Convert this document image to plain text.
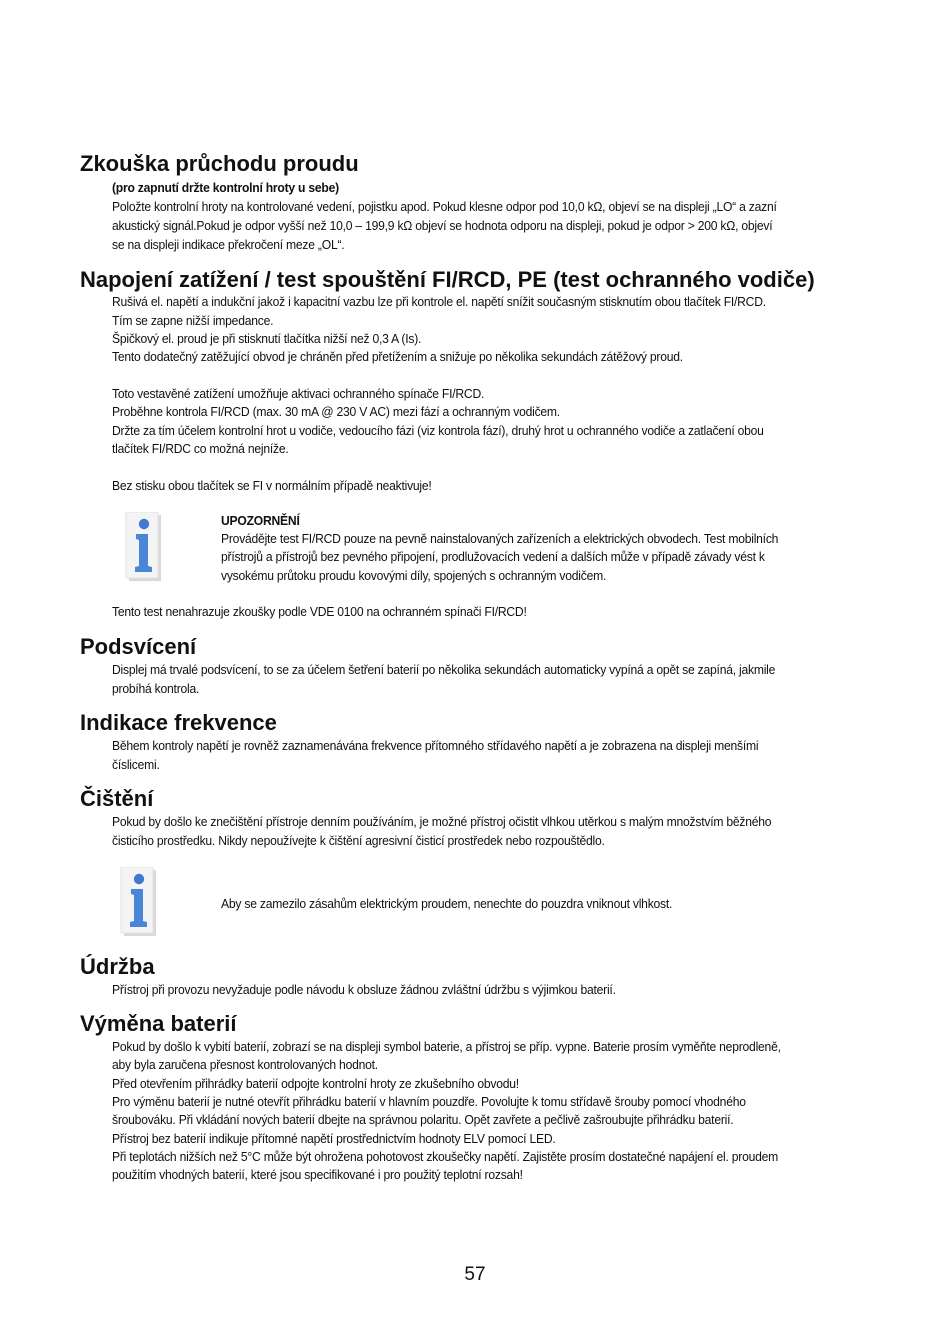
Zkouška průchodu proudu
(pro zapnutí držte kontrolní hroty u sebe)
Položte kontrolní hroty na kontrolované vedení, pojistku apod. Pokud klesne odpor pod 10,0 kΩ, objeví se na displeji „LO“ a zazní
akustický signál.Pokud je odpor vyšší než 10,0 – 199,9 kΩ objeví se hodnota odporu na displeji, pokud je odpor > 200 kΩ, objeví
se na displeji indikace překročení meze „OL“.
Napojení zatížení / test spouštění FI/RCD, PE (test ochranného vodiče)
Rušivá el. napětí a indukční jakož i kapacitní vazbu lze při kontrole el. napětí snížit současným stisknutím obou tlačítek FI/RCD.
Tím se zapne nižší impedance.
Špičkový el. proud je při stisknutí tlačítka nižší než 0,3 A (Is).
Tento dodatečný zatěžující obvod je chráněn před přetížením a snižuje po několika sekundách zátěžový proud.
Toto vestavěné zatížení umožňuje aktivaci ochranného spínače FI/RCD.
Proběhne kontrola FI/RCD (max. 30 mA @ 230 V AC) mezi fází a ochranným vodičem.
Držte za tím účelem kontrolní hrot u vodiče, vedoucího fázi (viz kontrola fází), druhý hrot u ochranného vodiče a zatlačení obou
tlačítek FI/RDC co možná nejníže.
Bez stisku obou tlačítek se FI v normálním případě neaktivuje!
UPOZORNĚNÍ
Provádějte test FI/RCD pouze na pevně nainstalovaných zařízeních a elektrických obvodech. Test mobilních
přístrojů a přístrojů bez pevného připojení, prodlužovacích vedení a dalších může v případě závady vést k
vysokému průtoku proudu kovovými díly, spojených s ochranným vodičem.
Tento test nenahrazuje zkoušky podle VDE 0100 na ochranném spínači FI/RCD!
Podsvícení
Displej má trvalé podsvícení, to se za účelem šetření baterií po několika sekundách automaticky vypíná a opět se zapíná, jakmile
probíhá kontrola.
Indikace frekvence
Během kontroly napětí je rovněž zaznamenávána frekvence přítomného střídavého napětí a je zobrazena na displeji menšími
číslicemi.
Čištění
Pokud by došlo ke znečištění přístroje denním používáním, je možné přístroj očistit vlhkou utěrkou s malým množstvím běžného
čisticího prostředku. Nikdy nepoužívejte k čištění agresivní čisticí prostředek nebo rozpouštědlo.
Aby se zamezilo zásahům elektrickým proudem, nenechte do pouzdra vniknout vlhkost.
Údržba
Přístroj při provozu nevyžaduje podle návodu k obsluze žádnou zvláštní údržbu s výjimkou baterií.
Výměna baterií
Pokud by došlo k vybití baterií, zobrazí se na displeji symbol baterie, a přístroj se příp. vypne. Baterie prosím vyměňte neprodleně,
aby byla zaručena přesnost kontrolovaných hodnot.
Před otevřením přihrádky baterií odpojte kontrolní hroty ze zkušebního obvodu!
Pro výměnu baterií je nutné otevřít přihrádku baterií v hlavním pouzdře. Povolujte k tomu střídavě šrouby pomocí vhodného
šroubováku. Při vkládání nových baterií dbejte na správnou polaritu. Opět zavřete a pečlivě zašroubujte přihrádku baterií.
Přístroj bez baterií indikuje přítomné napětí prostřednictvím hodnoty ELV pomocí LED.
Při teplotách nižších než 5°C může být ohrožena pohotovost zkoušečky napětí. Zajistěte prosím dostatečné napájení el. proudem
použitím vhodných baterií, které jsou specifikované i pro použitý teplotní rozsah!
57
